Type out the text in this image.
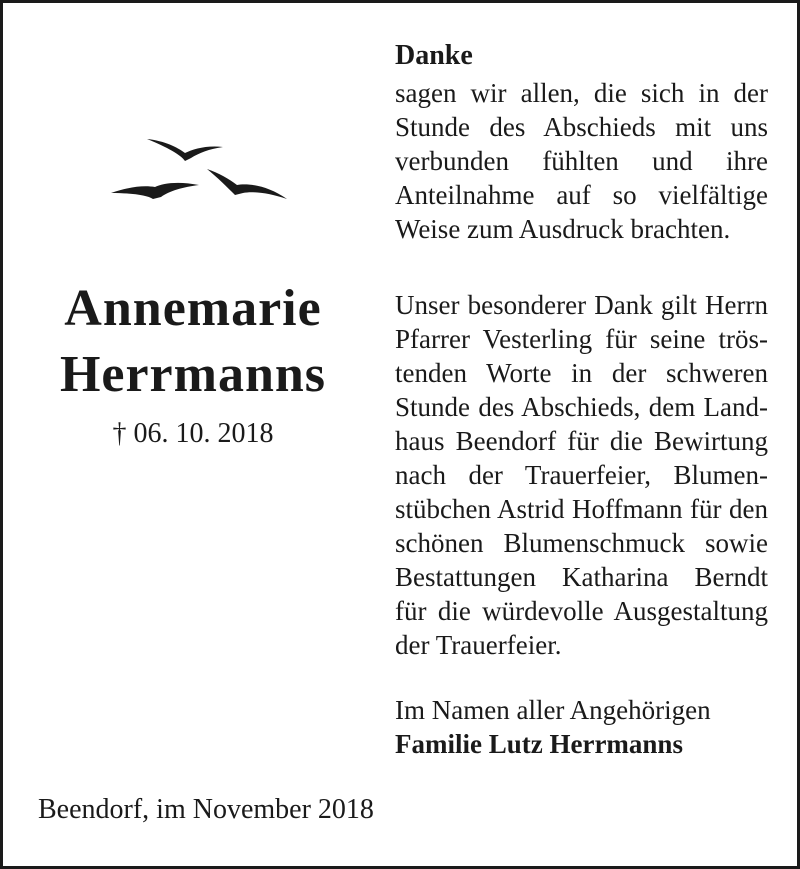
Annemarie
Herrmanns
† 06. 10. 2018
Beendorf, im November 2018
Danke
sagen wir allen, die sich in der
Stunde des Abschieds mit uns
verbunden fühlten und ihre
Anteilnahme auf so vielfältige
Weise zum Ausdruck brachten.
Unser besonderer Dank gilt Herrn
Pfarrer Vesterling für seine trös-
tenden Worte in der schweren
Stunde des Abschieds, dem Land-
haus Beendorf für die Bewirtung
nach der Trauerfeier, Blumen-
stübchen Astrid Hoffmann für den
schönen Blumenschmuck sowie
Bestattungen Katharina Berndt
für die würdevolle Ausgestaltung
der Trauerfeier.
Im Namen aller Angehörigen
Familie Lutz Herrmanns
